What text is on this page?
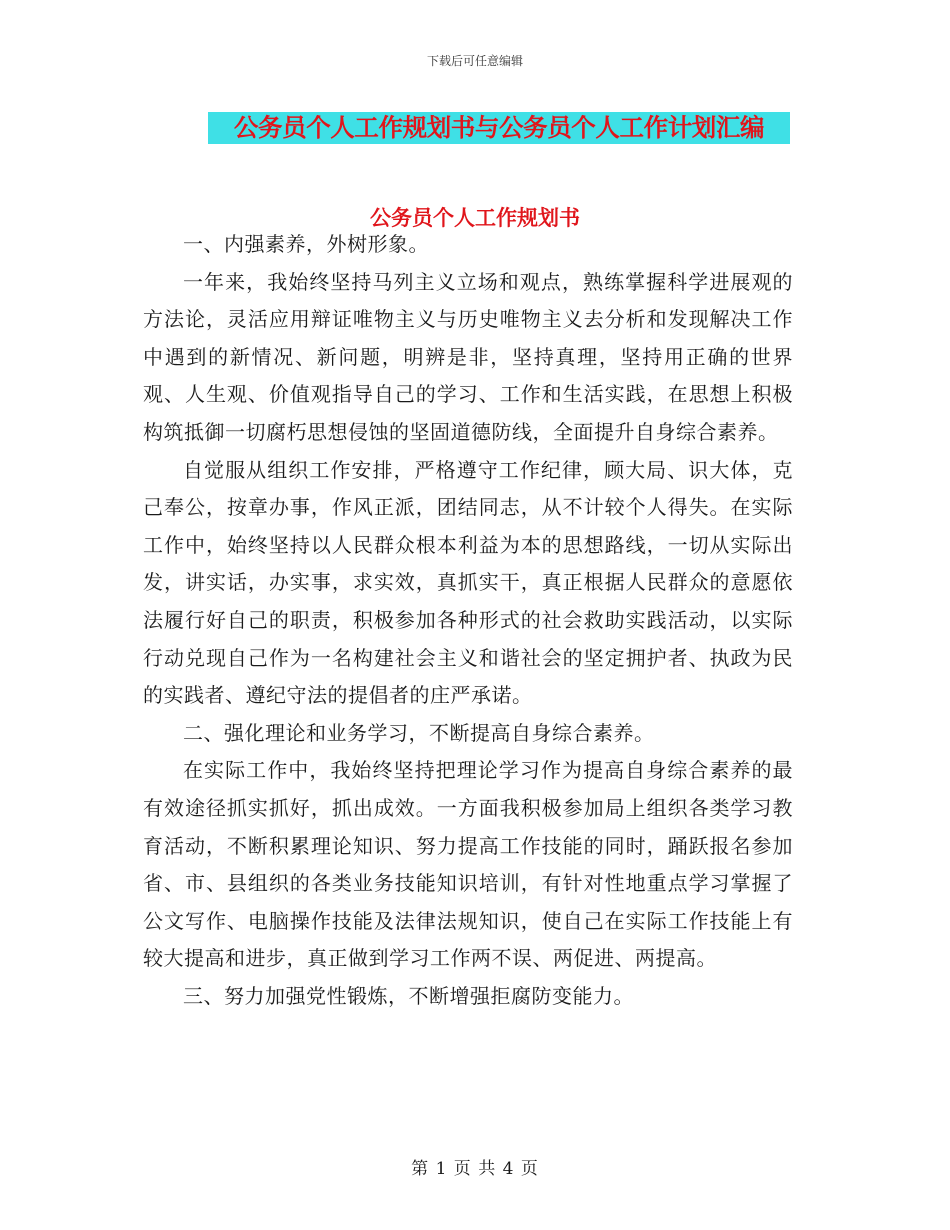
下载后可任意编辑
公务员个人工作规划书与公务员个人工作计划汇编
公务员个人工作规划书

一、内强素养，外树形象。

一年来，我始终坚持马列主义立场和观点，熟练掌握科学进展观的方法论，灵活应用辩证唯物主义与历史唯物主义去分析和发现解决工作中遇到的新情况、新问题，明辨是非，坚持真理，坚持用正确的世界观、人生观、价值观指导自己的学习、工作和生活实践，在思想上积极构筑抵御一切腐朽思想侵蚀的坚固道德防线，全面提升自身综合素养。

自觉服从组织工作安排，严格遵守工作纪律，顾大局、识大体，克己奉公，按章办事，作风正派，团结同志，从不计较个人得失。在实际工作中，始终坚持以人民群众根本利益为本的思想路线，一切从实际出发，讲实话，办实事，求实效，真抓实干，真正根据人民群众的意愿依法履行好自己的职责，积极参加各种形式的社会救助实践活动，以实际行动兑现自己作为一名构建社会主义和谐社会的坚定拥护者、执政为民的实践者、遵纪守法的提倡者的庄严承诺。

二、强化理论和业务学习，不断提高自身综合素养。

在实际工作中，我始终坚持把理论学习作为提高自身综合素养的最有效途径抓实抓好，抓出成效。一方面我积极参加局上组织各类学习教育活动，不断积累理论知识、努力提高工作技能的同时，踊跃报名参加省、市、县组织的各类业务技能知识培训，有针对性地重点学习掌握了公文写作、电脑操作技能及法律法规知识，使自己在实际工作技能上有较大提高和进步，真正做到学习工作两不误、两促进、两提高。

三、努力加强党性锻炼，不断增强拒腐防变能力。

第 1 页 共 4 页
